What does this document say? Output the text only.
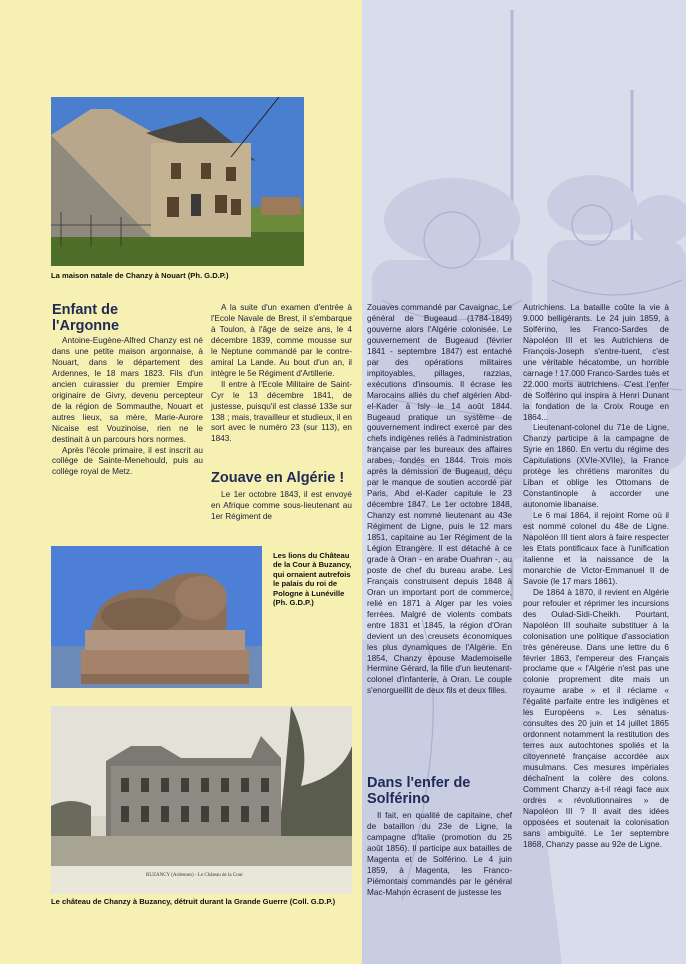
La maison natale de Chanzy à Nouart (Ph. G.D.P.)
Enfant de l'Argonne

Antoine-Eugène-Alfred Chanzy est né dans une petite maison argonnaise, à Nouart, dans le département des Ardennes, le 18 mars 1823. Fils d'un ancien cuirassier du premier Empire originaire de Givry, devenu percepteur de la région de Sommauthe, Nouart et autres lieux, sa mère, Marie-Aurore Nicaise est Vouzinoise, rien ne le destinait à un parcours hors normes.

Après l'école primaire, il est inscrit au collège de Sainte-Menehould, puis au collège royal de Metz.

A la suite d'un examen d'entrée à l'Ecole Navale de Brest, il s'embarque à Toulon, à l'âge de seize ans, le 4 décembre 1839, comme mousse sur le Neptune commandé par le contre-amiral La Lande. Au bout d'un an, il intègre le 5e Régiment d'Artillerie.

Il entre à l'Ecole Militaire de Saint-Cyr le 13 décembre 1841, de justesse, puisqu'il est classé 133e sur 138 ; mais, travailleur et studieux, il en sort avec le numéro 23 (sur 113), en 1843.

Zouave en Algérie !

Le 1er octobre 1843, il est envoyé en Afrique comme sous-lieutenant au 1er Régiment de

Les lions du Château de la Cour à Buzancy, qui ornaient autrefois le palais du roi de Pologne à Lunéville (Ph. G.D.P.)
BUZANCY (Ardennes) - Le Château de la Cour
Le château de Chanzy à Buzancy, détruit durant la Grande Guerre (Coll. G.D.P.)

Zouaves commandé par Cavaignac. Le général de Bugeaud (1784-1849) gouverne alors l'Algérie colonisée. Le gouvernement de Bugeaud (février 1841 - septembre 1847) est entaché par des opérations militaires impitoyables, pillages, razzias, exécutions d'insoumis. Il écrase les Marocains alliés du chef algérien Abd-el-Kader à Isly le 14 août 1844. Bugeaud pratique un système de gouvernement indirect exercé par des chefs indigènes reliés à l'administration française par les bureaux des affaires arabes, fondés en 1844. Trois mois après la démission de Bugeaud, déçu par le manque de soutien accordé par Paris, Abd el-Kader capitule le 23 décembre 1847. Le 1er octobre 1848, Chanzy est nommé lieutenant au 43e Régiment de Ligne, puis le 12 mars 1851, capitaine au 1er Régiment de la Légion Etrangère. Il est détaché à ce grade à Oran - en arabe Ouahran -, au poste de chef du bureau arabe. Les Français construisent depuis 1848 à Oran un important port de commerce, relié en 1871 à Alger par les voies ferrées. Malgré de violents combats entre 1831 et 1845, la région d'Oran devient un des creusets économiques les plus dynamiques de l'Algérie. En 1854, Chanzy épouse Mademoiselle Hermine Gérard, la fille d'un lieutenant-colonel d'infanterie, à Oran. Le couple s'enorgueillit de deux fils et deux filles.

Dans l'enfer de Solférino

Il fait, en qualité de capitaine, chef de bataillon du 23e de Ligne, la campagne d'Italie (promotion du 25 août 1856). Il participe aux batailles de Magenta et de Solférino. Le 4 juin 1859, à Magenta, les Franco-Piémontais commandés par le général Mac-Mahon écrasent de justesse les

Autrichiens. La bataille coûte la vie à 9.000 belligérants. Le 24 juin 1859, à Solférino, les Franco-Sardes de Napoléon III et les Autrichiens de François-Joseph s'entre-tuent, c'est une véritable hécatombe, un horrible carnage ! 17.000 Franco-Sardes tués et 22.000 morts autrichiens. C'est l'enfer de Solférino qui inspira à Henri Dunant la fondation de la Croix Rouge en 1864...

Lieutenant-colonel du 71e de Ligne, Chanzy participe à la campagne de Syrie en 1860. En vertu du régime des Capitulations (XVIe-XVIIe), la France protège les chrétiens maronites du Liban et oblige les Ottomans de Constantinople à accorder une autonomie libanaise.

Le 6 mai 1864, il rejoint Rome où il est nommé colonel du 48e de Ligne. Napoléon III tient alors à faire respecter les Etats pontificaux face à l'unification italienne et la naissance de la monarchie de Victor-Emmanuel II de Savoie (le 17 mars 1861).

De 1864 à 1870, il revient en Algérie pour refouler et réprimer les incursions des Oulad-Sidi-Cheikh. Pourtant, Napoléon III souhaite substituer à la colonisation une politique d'association très généreuse. Dans une lettre du 6 février 1863, l'empereur des Français proclame que « l'Algérie n'est pas une colonie proprement dite mais un royaume arabe » et il réclame « l'égalité parfaite entre les indigènes et les Européens ». Les sénatus-consultes des 20 juin et 14 juillet 1865 ordonnent notamment la restitution des terres aux autochtones spoliés et la citoyenneté française accordée aux musulmans. Ces mesures impériales déchaînent la colère des colons. Comment Chanzy a-t-il réagi face aux ordres « révolutionnaires » de Napoléon III ? Il avait des idées opposées et soutenait la colonisation sans ambiguïté. Le 1er septembre 1868, Chanzy passe au 92e de Ligne.
